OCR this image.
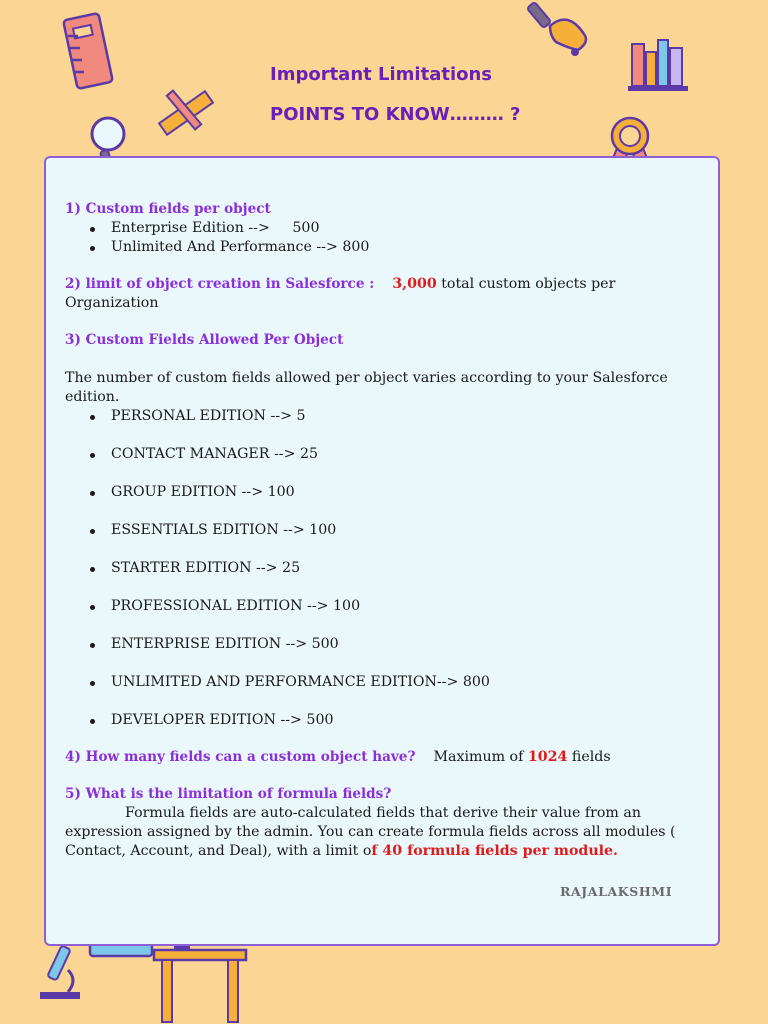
Important Limitations
POINTS TO KNOW……… ?

1) Custom fields per object

Enterprise Edition -->     500
Unlimited And Performance --> 800

2) limit of object creation in Salesforce : 3,000 total custom objects per Organization

3) Custom Fields Allowed Per Object

The number of custom fields allowed per object varies according to your Salesforce edition.

PERSONAL EDITION --> 5
CONTACT MANAGER --> 25
GROUP EDITION --> 100
ESSENTIALS EDITION --> 100
STARTER EDITION --> 25
PROFESSIONAL EDITION --> 100
ENTERPRISE EDITION --> 500
UNLIMITED AND PERFORMANCE EDITION--> 800
DEVELOPER EDITION --> 500

4) How many fields can a custom object have? Maximum of 1024 fields

5) What is the limitation of formula fields?

Formula fields are auto-calculated fields that derive their value from an expression assigned by the admin. You can create formula fields across all modules ( Contact, Account, and Deal), with a limit of 40 formula fields per module.

RAJALAKSHMI
